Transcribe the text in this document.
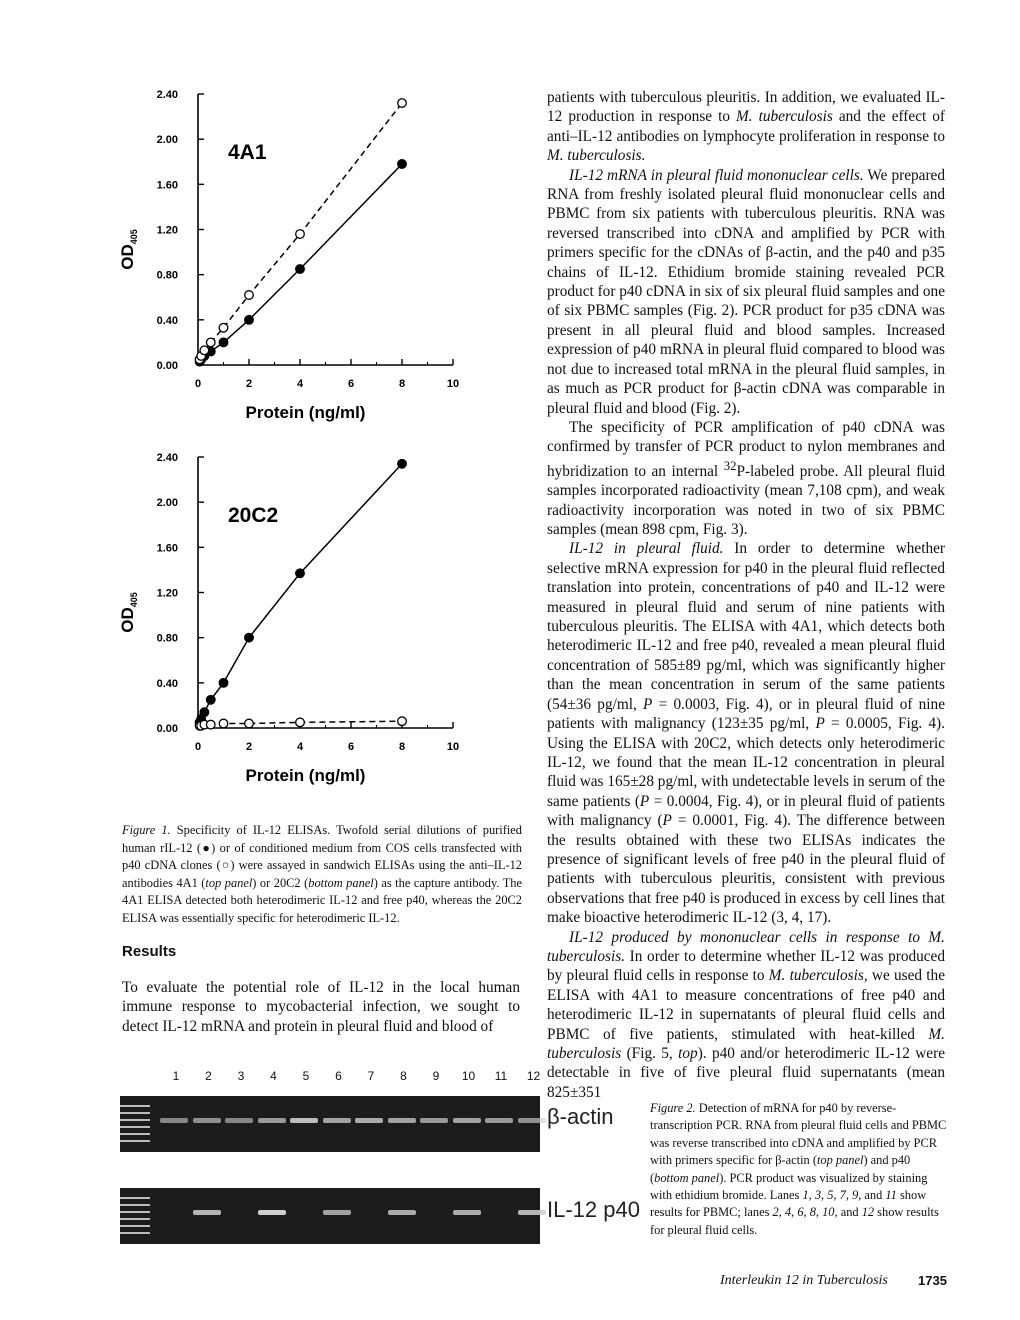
0.00
0.40
0.80
1.20
1.60
2.00
2.40
0	2	4	6	8	10
Protein (ng/ml)
$OD_{405}$
4A1
0.00
0.40
0.80
1.20
1.60
2.00
2.40
0	2	4	6	8	10
Protein (ng/ml)
$OD_{405}$
20C2
Figure 1. Specificity of IL-12 ELISAs. Twofold serial dilutions of purified human rIL-12 (●) or of conditioned medium from COS cells transfected with p40 cDNA clones (○) were assayed in sandwich ELISAs using the anti–IL-12 antibodies 4A1 (top panel) or 20C2 (bottom panel) as the capture antibody. The 4A1 ELISA detected both heterodimeric IL-12 and free p40, whereas the 20C2 ELISA was essentially specific for heterodimeric IL-12.
Results
To evaluate the potential role of IL-12 in the local human immune response to mycobacterial infection, we sought to detect IL-12 mRNA and protein in pleural fluid and blood of

patients with tuberculous pleuritis. In addition, we evaluated IL-12 production in response to M. tuberculosis and the effect of anti–IL-12 antibodies on lymphocyte proliferation in response to M. tuberculosis.

IL-12 mRNA in pleural fluid mononuclear cells. We prepared RNA from freshly isolated pleural fluid mononuclear cells and PBMC from six patients with tuberculous pleuritis. RNA was reversed transcribed into cDNA and amplified by PCR with primers specific for the cDNAs of β-actin, and the p40 and p35 chains of IL-12. Ethidium bromide staining revealed PCR product for p40 cDNA in six of six pleural fluid samples and one of six PBMC samples (Fig. 2). PCR product for p35 cDNA was present in all pleural fluid and blood samples. Increased expression of p40 mRNA in pleural fluid compared to blood was not due to increased total mRNA in the pleural fluid samples, in as much as PCR product for β-actin cDNA was comparable in pleural fluid and blood (Fig. 2).

The specificity of PCR amplification of p40 cDNA was confirmed by transfer of PCR product to nylon membranes and hybridization to an internal $^{32}$P-labeled probe. All pleural fluid samples incorporated radioactivity (mean 7,108 cpm), and weak radioactivity incorporation was noted in two of six PBMC samples (mean 898 cpm, Fig. 3).

IL-12 in pleural fluid. In order to determine whether selective mRNA expression for p40 in the pleural fluid reflected translation into protein, concentrations of p40 and IL-12 were measured in pleural fluid and serum of nine patients with tuberculous pleuritis. The ELISA with 4A1, which detects both heterodimeric IL-12 and free p40, revealed a mean pleural fluid concentration of 585±89 pg/ml, which was significantly higher than the mean concentration in serum of the same patients (54±36 pg/ml, P = 0.0003, Fig. 4), or in pleural fluid of nine patients with malignancy (123±35 pg/ml, P = 0.0005, Fig. 4). Using the ELISA with 20C2, which detects only heterodimeric IL-12, we found that the mean IL-12 concentration in pleural fluid was 165±28 pg/ml, with undetectable levels in serum of the same patients (P = 0.0004, Fig. 4), or in pleural fluid of patients with malignancy (P = 0.0001, Fig. 4). The difference between the results obtained with these two ELISAs indicates the presence of significant levels of free p40 in the pleural fluid of patients with tuberculous pleuritis, consistent with previous observations that free p40 is produced in excess by cell lines that make bioactive heterodimeric IL-12 (3, 4, 17).

IL-12 produced by mononuclear cells in response to M. tuberculosis. In order to determine whether IL-12 was produced by pleural fluid cells in response to M. tuberculosis, we used the ELISA with 4A1 to measure concentrations of free p40 and heterodimeric IL-12 in supernatants of pleural fluid cells and PBMC of five patients, stimulated with heat-killed M. tuberculosis (Fig. 5, top). p40 and/or heterodimeric IL-12 were detectable in five of five pleural fluid supernatants (mean 825±351

1	2	3	4	5	6	7	8	9	10	11	12
β-actin
IL-12 p40
Figure 2. Detection of mRNA for p40 by reverse-transcription PCR. RNA from pleural fluid cells and PBMC was reverse transcribed into cDNA and amplified by PCR with primers specific for β-actin (top panel) and p40 (bottom panel). PCR product was visualized by staining with ethidium bromide. Lanes 1, 3, 5, 7, 9, and 11 show results for PBMC; lanes 2, 4, 6, 8, 10, and 12 show results for pleural fluid cells.
Interleukin 12 in Tuberculosis 1735
